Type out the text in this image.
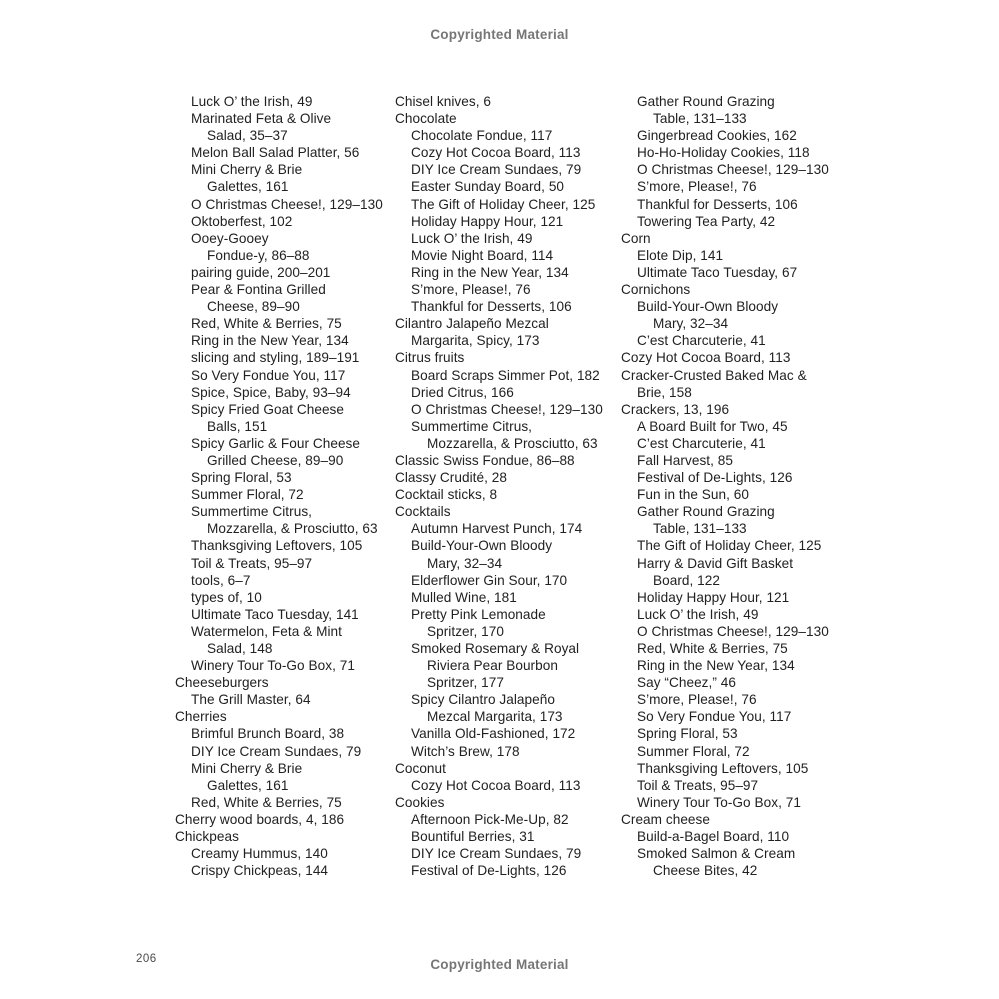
Copyrighted Material
Luck O’ the Irish, 49
Marinated Feta & Olive
Salad, 35–37
Melon Ball Salad Platter, 56
Mini Cherry & Brie
Galettes, 161
O Christmas Cheese!, 129–130
Oktoberfest, 102
Ooey-Gooey
Fondue-y, 86–88
pairing guide, 200–201
Pear & Fontina Grilled
Cheese, 89–90
Red, White & Berries, 75
Ring in the New Year, 134
slicing and styling, 189–191
So Very Fondue You, 117
Spice, Spice, Baby, 93–94
Spicy Fried Goat Cheese
Balls, 151
Spicy Garlic & Four Cheese
Grilled Cheese, 89–90
Spring Floral, 53
Summer Floral, 72
Summertime Citrus,
Mozzarella, & Prosciutto, 63
Thanksgiving Leftovers, 105
Toil & Treats, 95–97
tools, 6–7
types of, 10
Ultimate Taco Tuesday, 141
Watermelon, Feta & Mint
Salad, 148
Winery Tour To-Go Box, 71
Cheeseburgers
The Grill Master, 64
Cherries
Brimful Brunch Board, 38
DIY Ice Cream Sundaes, 79
Mini Cherry & Brie
Galettes, 161
Red, White & Berries, 75
Cherry wood boards, 4, 186
Chickpeas
Creamy Hummus, 140
Crispy Chickpeas, 144
Chisel knives, 6
Chocolate
Chocolate Fondue, 117
Cozy Hot Cocoa Board, 113
DIY Ice Cream Sundaes, 79
Easter Sunday Board, 50
The Gift of Holiday Cheer, 125
Holiday Happy Hour, 121
Luck O’ the Irish, 49
Movie Night Board, 114
Ring in the New Year, 134
S’more, Please!, 76
Thankful for Desserts, 106
Cilantro Jalapeño Mezcal
Margarita, Spicy, 173
Citrus fruits
Board Scraps Simmer Pot, 182
Dried Citrus, 166
O Christmas Cheese!, 129–130
Summertime Citrus,
Mozzarella, & Prosciutto, 63
Classic Swiss Fondue, 86–88
Classy Crudité, 28
Cocktail sticks, 8
Cocktails
Autumn Harvest Punch, 174
Build-Your-Own Bloody
Mary, 32–34
Elderflower Gin Sour, 170
Mulled Wine, 181
Pretty Pink Lemonade
Spritzer, 170
Smoked Rosemary & Royal
Riviera Pear Bourbon
Spritzer, 177
Spicy Cilantro Jalapeño
Mezcal Margarita, 173
Vanilla Old-Fashioned, 172
Witch’s Brew, 178
Coconut
Cozy Hot Cocoa Board, 113
Cookies
Afternoon Pick-Me-Up, 82
Bountiful Berries, 31
DIY Ice Cream Sundaes, 79
Festival of De-Lights, 126
Gather Round Grazing
Table, 131–133
Gingerbread Cookies, 162
Ho-Ho-Holiday Cookies, 118
O Christmas Cheese!, 129–130
S’more, Please!, 76
Thankful for Desserts, 106
Towering Tea Party, 42
Corn
Elote Dip, 141
Ultimate Taco Tuesday, 67
Cornichons
Build-Your-Own Bloody
Mary, 32–34
C’est Charcuterie, 41
Cozy Hot Cocoa Board, 113
Cracker-Crusted Baked Mac &
Brie, 158
Crackers, 13, 196
A Board Built for Two, 45
C’est Charcuterie, 41
Fall Harvest, 85
Festival of De-Lights, 126
Fun in the Sun, 60
Gather Round Grazing
Table, 131–133
The Gift of Holiday Cheer, 125
Harry & David Gift Basket
Board, 122
Holiday Happy Hour, 121
Luck O’ the Irish, 49
O Christmas Cheese!, 129–130
Red, White & Berries, 75
Ring in the New Year, 134
Say “Cheez,” 46
S’more, Please!, 76
So Very Fondue You, 117
Spring Floral, 53
Summer Floral, 72
Thanksgiving Leftovers, 105
Toil & Treats, 95–97
Winery Tour To-Go Box, 71
Cream cheese
Build-a-Bagel Board, 110
Smoked Salmon & Cream
Cheese Bites, 42
206	Copyrighted Material
